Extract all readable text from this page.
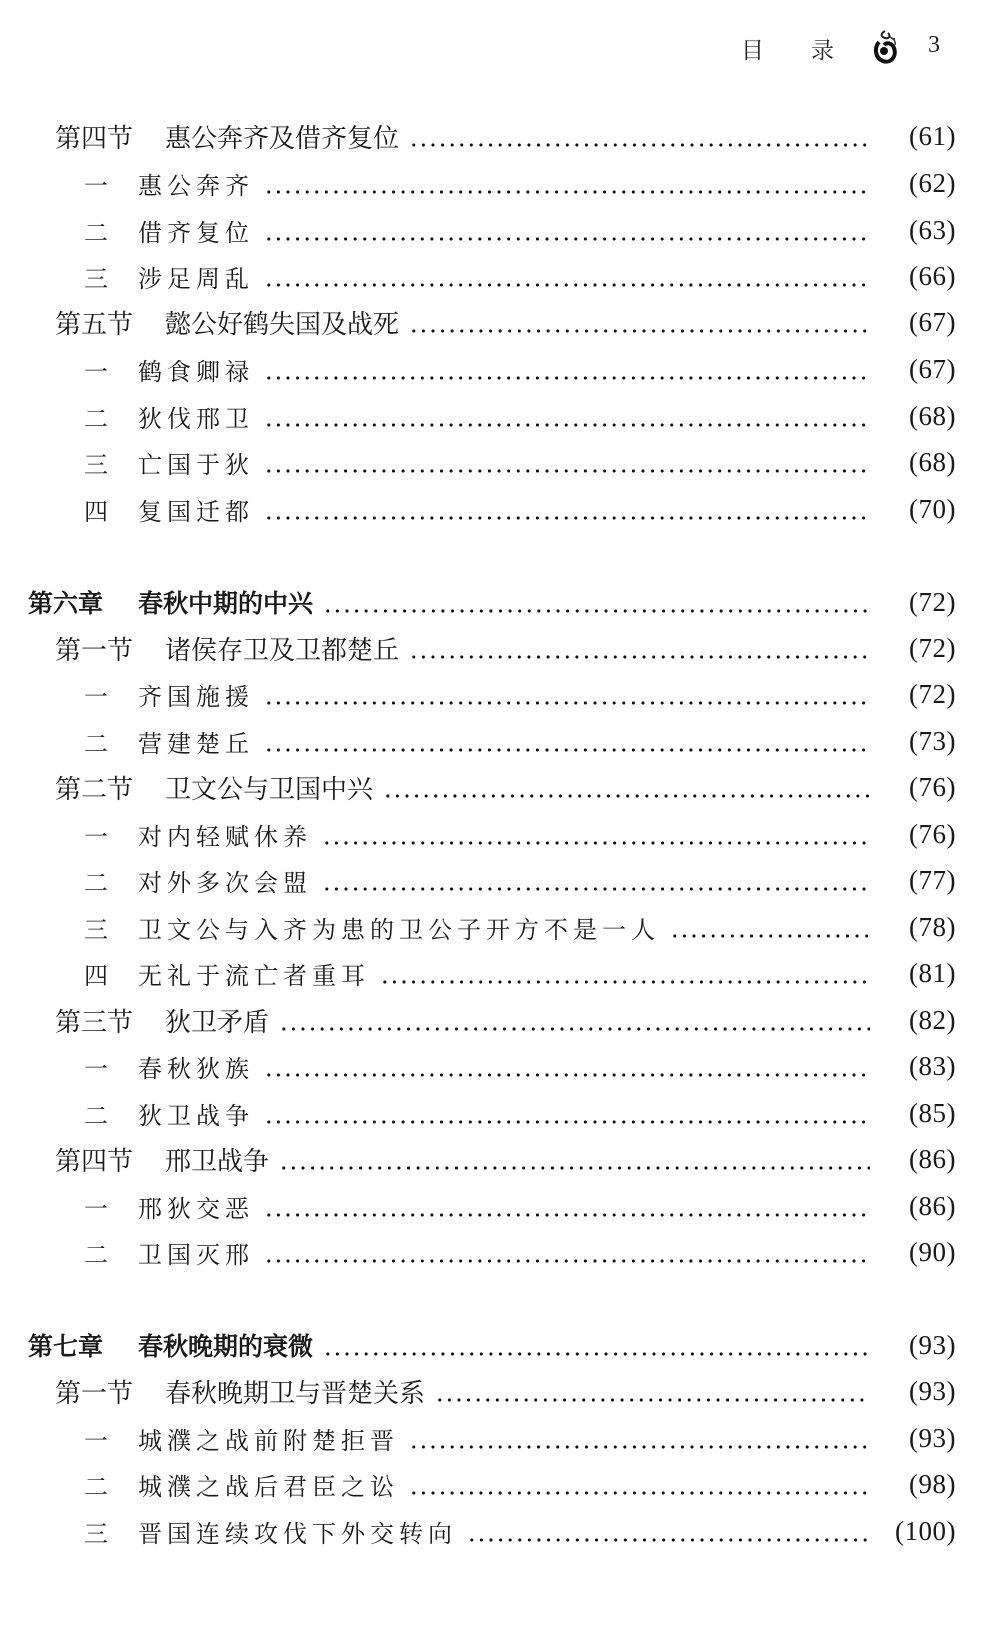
目 录	3
第四节	惠公奔齐及借齐复位	(61)
一	惠公奔齐	(62)
二	借齐复位	(63)
三	涉足周乱	(66)
第五节	懿公好鹤失国及战死	(67)
一	鹤食卿禄	(67)
二	狄伐邢卫	(68)
三	亡国于狄	(68)
四	复国迁都	(70)
第六章	春秋中期的中兴	(72)
第一节	诸侯存卫及卫都楚丘	(72)
一	齐国施援	(72)
二	营建楚丘	(73)
第二节	卫文公与卫国中兴	(76)
一	对内轻赋休养	(76)
二	对外多次会盟	(77)
三	卫文公与入齐为患的卫公子开方不是一人	(78)
四	无礼于流亡者重耳	(81)
第三节	狄卫矛盾	(82)
一	春秋狄族	(83)
二	狄卫战争	(85)
第四节	邢卫战争	(86)
一	邢狄交恶	(86)
二	卫国灭邢	(90)
第七章	春秋晚期的衰微	(93)
第一节	春秋晚期卫与晋楚关系	(93)
一	城濮之战前附楚拒晋	(93)
二	城濮之战后君臣之讼	(98)
三	晋国连续攻伐下外交转向	(100)
